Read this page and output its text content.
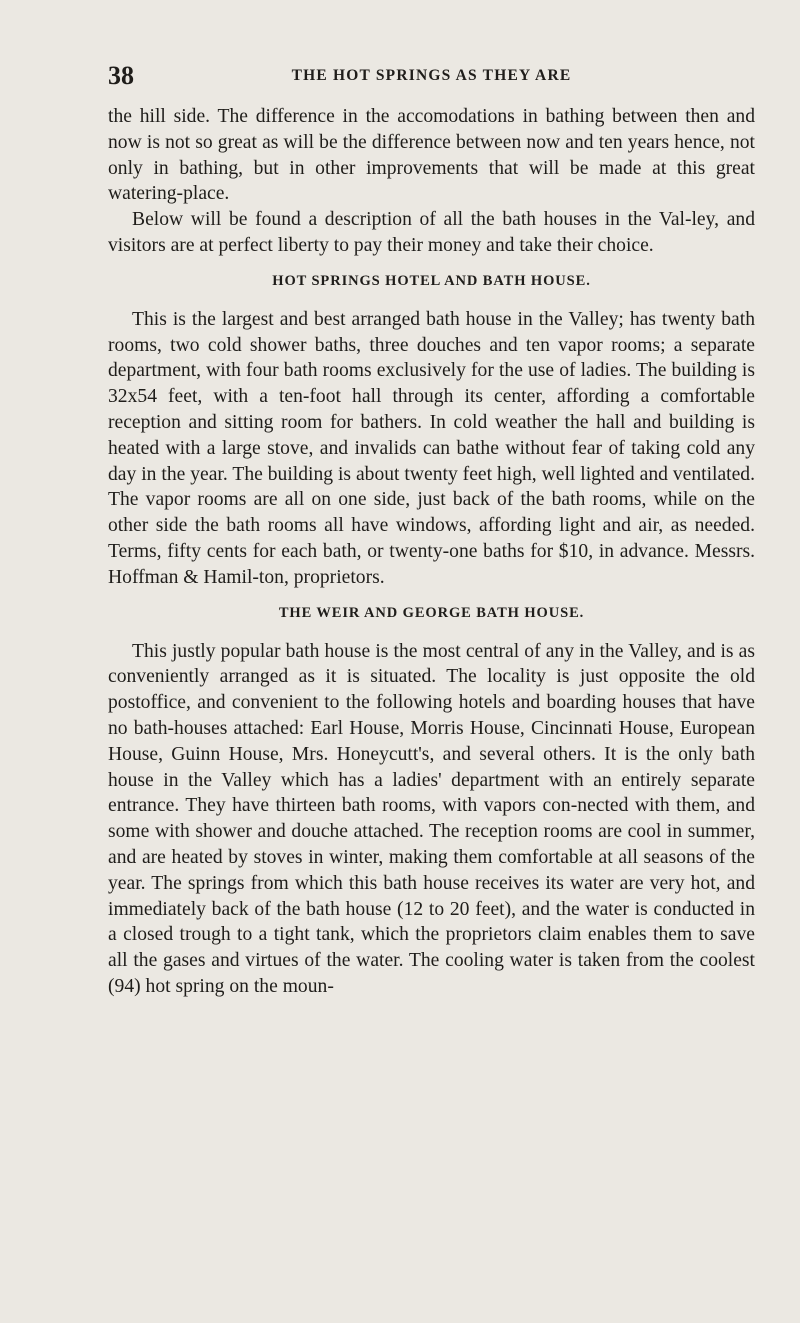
38	THE HOT SPRINGS AS THEY ARE

the hill side. The difference in the accomodations in bathing between then and now is not so great as will be the difference between now and ten years hence, not only in bathing, but in other improvements that will be made at this great watering-place.

Below will be found a description of all the bath houses in the Val-ley, and visitors are at perfect liberty to pay their money and take their choice.

HOT SPRINGS HOTEL AND BATH HOUSE.

This is the largest and best arranged bath house in the Valley; has twenty bath rooms, two cold shower baths, three douches and ten vapor rooms; a separate department, with four bath rooms exclusively for the use of ladies. The building is 32x54 feet, with a ten-foot hall through its center, affording a comfortable reception and sitting room for bathers. In cold weather the hall and building is heated with a large stove, and invalids can bathe without fear of taking cold any day in the year. The building is about twenty feet high, well lighted and ventilated. The vapor rooms are all on one side, just back of the bath rooms, while on the other side the bath rooms all have windows, affording light and air, as needed. Terms, fifty cents for each bath, or twenty-one baths for $10, in advance. Messrs. Hoffman & Hamil-ton, proprietors.

THE WEIR AND GEORGE BATH HOUSE.

This justly popular bath house is the most central of any in the Valley, and is as conveniently arranged as it is situated. The locality is just opposite the old postoffice, and convenient to the following hotels and boarding houses that have no bath-houses attached: Earl House, Morris House, Cincinnati House, European House, Guinn House, Mrs. Honeycutt's, and several others. It is the only bath house in the Valley which has a ladies' department with an entirely separate entrance. They have thirteen bath rooms, with vapors con-nected with them, and some with shower and douche attached. The reception rooms are cool in summer, and are heated by stoves in winter, making them comfortable at all seasons of the year. The springs from which this bath house receives its water are very hot, and immediately back of the bath house (12 to 20 feet), and the water is conducted in a closed trough to a tight tank, which the proprietors claim enables them to save all the gases and virtues of the water. The cooling water is taken from the coolest (94) hot spring on the moun-
